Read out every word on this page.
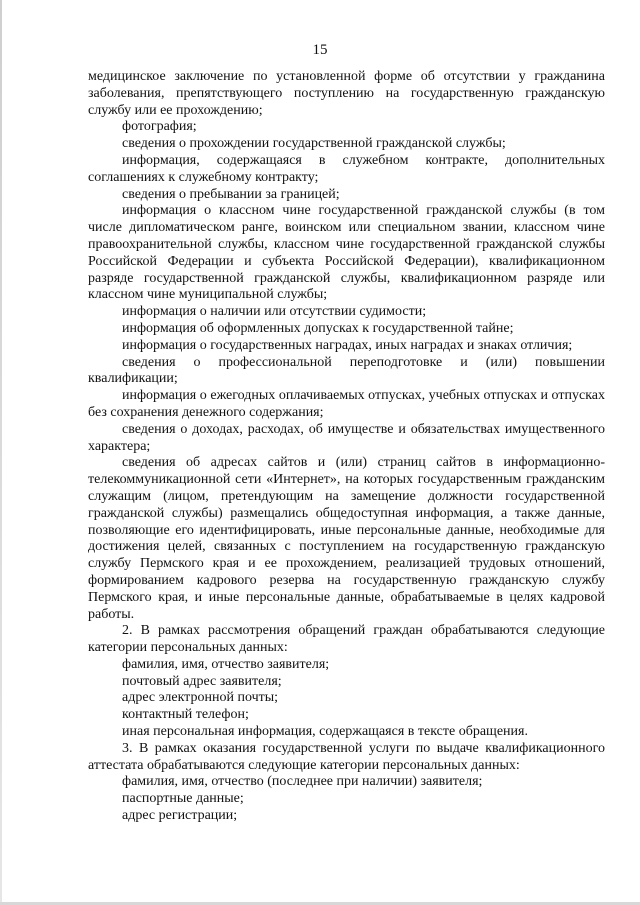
15

медицинское заключение по установленной форме об отсутствии у гражданина заболевания, препятствующего поступлению на государственную гражданскую службу или ее прохождению;

фотография;

сведения о прохождении государственной гражданской службы;

информация, содержащаяся в служебном контракте, дополнительных соглашениях к служебному контракту;

сведения о пребывании за границей;

информация о классном чине государственной гражданской службы (в том числе дипломатическом ранге, воинском или специальном звании, классном чине правоохранительной службы, классном чине государственной гражданской службы Российской Федерации и субъекта Российской Федерации), квалификационном разряде государственной гражданской службы, квалификационном разряде или классном чине муниципальной службы;

информация о наличии или отсутствии судимости;

информация об оформленных допусках к государственной тайне;

информация о государственных наградах, иных наградах и знаках отличия;

сведения о профессиональной переподготовке и (или) повышении квалификации;

информация о ежегодных оплачиваемых отпусках, учебных отпусках и отпусках без сохранения денежного содержания;

сведения о доходах, расходах, об имуществе и обязательствах имущественного характера;

сведения об адресах сайтов и (или) страниц сайтов в информационно-телекоммуникационной сети «Интернет», на которых государственным гражданским служащим (лицом, претендующим на замещение должности государственной гражданской службы) размещались общедоступная информация, а также данные, позволяющие его идентифицировать, иные персональные данные, необходимые для достижения целей, связанных с поступлением на государственную гражданскую службу Пермского края и ее прохождением, реализацией трудовых отношений, формированием кадрового резерва на государственную гражданскую службу Пермского края, и иные персональные данные, обрабатываемые в целях кадровой работы.

2. В рамках рассмотрения обращений граждан обрабатываются следующие категории персональных данных:

фамилия, имя, отчество заявителя;

почтовый адрес заявителя;

адрес электронной почты;

контактный телефон;

иная персональная информация, содержащаяся в тексте обращения.

3. В рамках оказания государственной услуги по выдаче квалификационного аттестата обрабатываются следующие категории персональных данных:

фамилия, имя, отчество (последнее при наличии) заявителя;

паспортные данные;

адрес регистрации;
